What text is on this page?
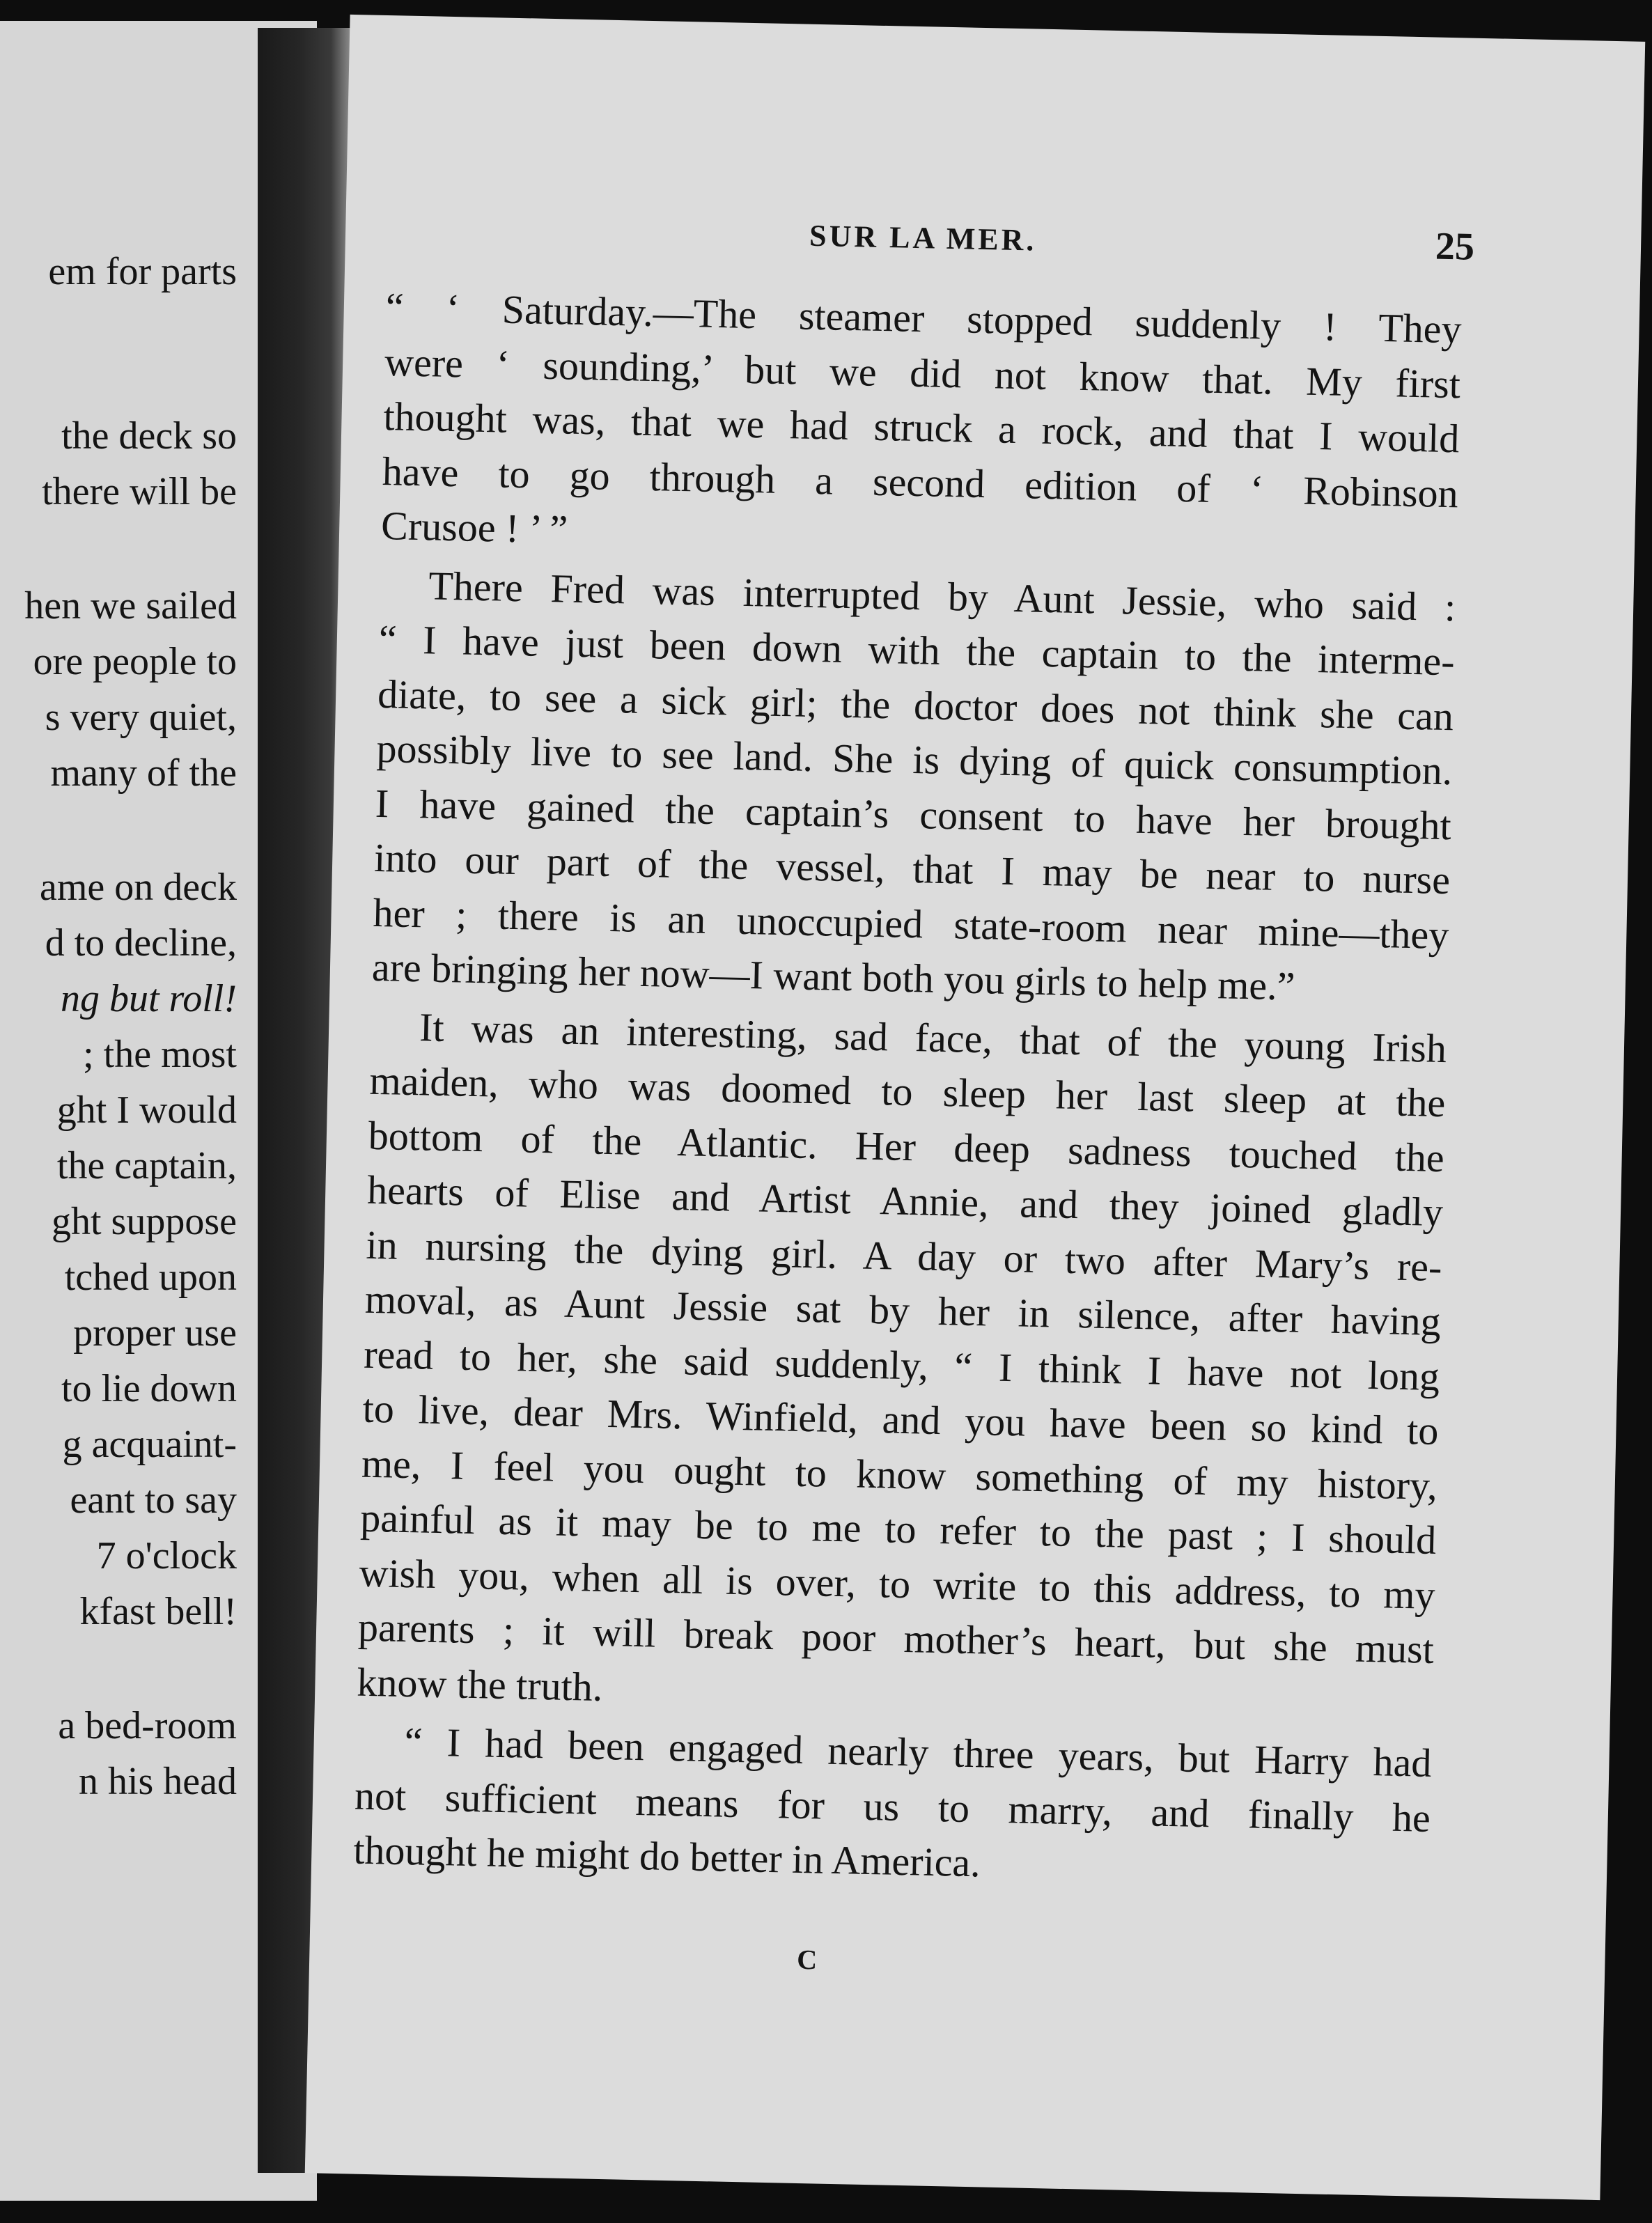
em for parts
the deck so
there will be
hen we sailed
ore people to
s very quiet,
many of the
ame on deck
d to decline,
ng but roll!
; the most
ght I would
the captain,
ght suppose
tched upon
proper use
to lie down
g acquaint-
eant to say
7 o'clock
kfast bell!
a bed-room
n his head
SUR LA MER.	25

“ ‘ Saturday.—The steamer stopped suddenly ! They
were ‘ sounding,’ but we did not know that. My first
thought was, that we had struck a rock, and that I would
have to go through a second edition of ‘ Robinson
Crusoe ! ’ ”

There Fred was interrupted by Aunt Jessie, who said :
“ I have just been down with the captain to the interme-
diate, to see a sick girl; the doctor does not think she can
possibly live to see land. She is dying of quick consumption.
I have gained the captain’s consent to have her brought
into our part of the vessel, that I may be near to nurse
her ; there is an unoccupied state-room near mine—they
are bringing her now—I want both you girls to help me.”

It was an interesting, sad face, that of the young Irish
maiden, who was doomed to sleep her last sleep at the
bottom of the Atlantic. Her deep sadness touched the
hearts of Elise and Artist Annie, and they joined gladly
in nursing the dying girl. A day or two after Mary’s re-
moval, as Aunt Jessie sat by her in silence, after having
read to her, she said suddenly, “ I think I have not long
to live, dear Mrs. Winfield, and you have been so kind to
me, I feel you ought to know something of my history,
painful as it may be to me to refer to the past ; I should
wish you, when all is over, to write to this address, to my
parents ; it will break poor mother’s heart, but she must
know the truth.

“ I had been engaged nearly three years, but Harry had
not sufficient means for us to marry, and finally he
thought he might do better in America.

C
